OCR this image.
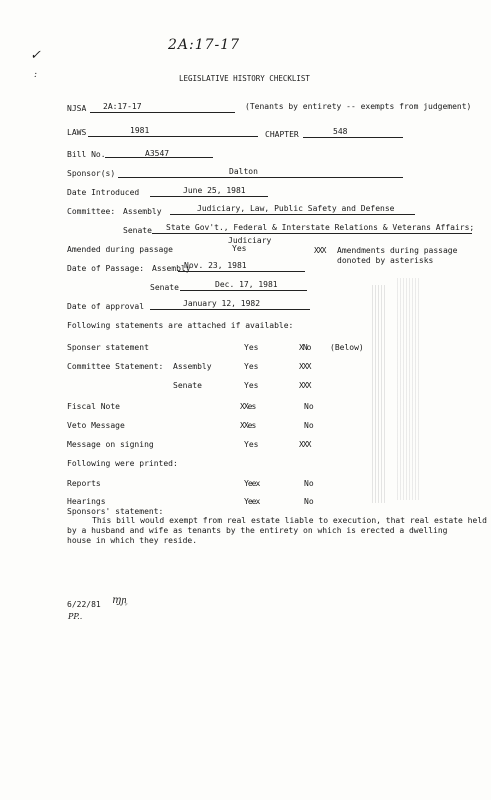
✓
:
2A:17-17
LEGISLATIVE HISTORY CHECKLIST
NJSA 2A:17-17	(Tenants by entirety -- exempts from judgement)
LAWS	1981	CHAPTER	548
Bill No.	A3547
Sponsor(s)	Dalton
Date Introduced	June 25, 1981
Committee: Assembly	Judiciary, Law, Public Safety and Defense
Senate State Gov't., Federal & Interstate Relations & Veterans Affairs;
Judiciary
Amended during passage	Yes	XXX Amendments during passage
donoted by asterisks
Date of Passage: Assembly
Nov. 23, 1981
Senate	Dec. 17, 1981
Date of approval	January 12, 1982
Following statements are attached if available:
Sponser statement	Yes	XNo (Below)
Committee Statement: Assembly	Yes	XXX
Senate	Yes	XXX
Fiscal Note	XXes	No
Veto Message	XXes	No
Message on signing	Yes	XXX
Following were printed:
Reports	Yeex	No
Hearings	Yeex	No
Sponsors' statement:
This bill would exempt from real estate liable to execution, that real estate held
by a husband and wife as tenants by the entirety on which is erected a dwelling
house in which they reside.
6/22/81 ɱɲ᷊
PP..
